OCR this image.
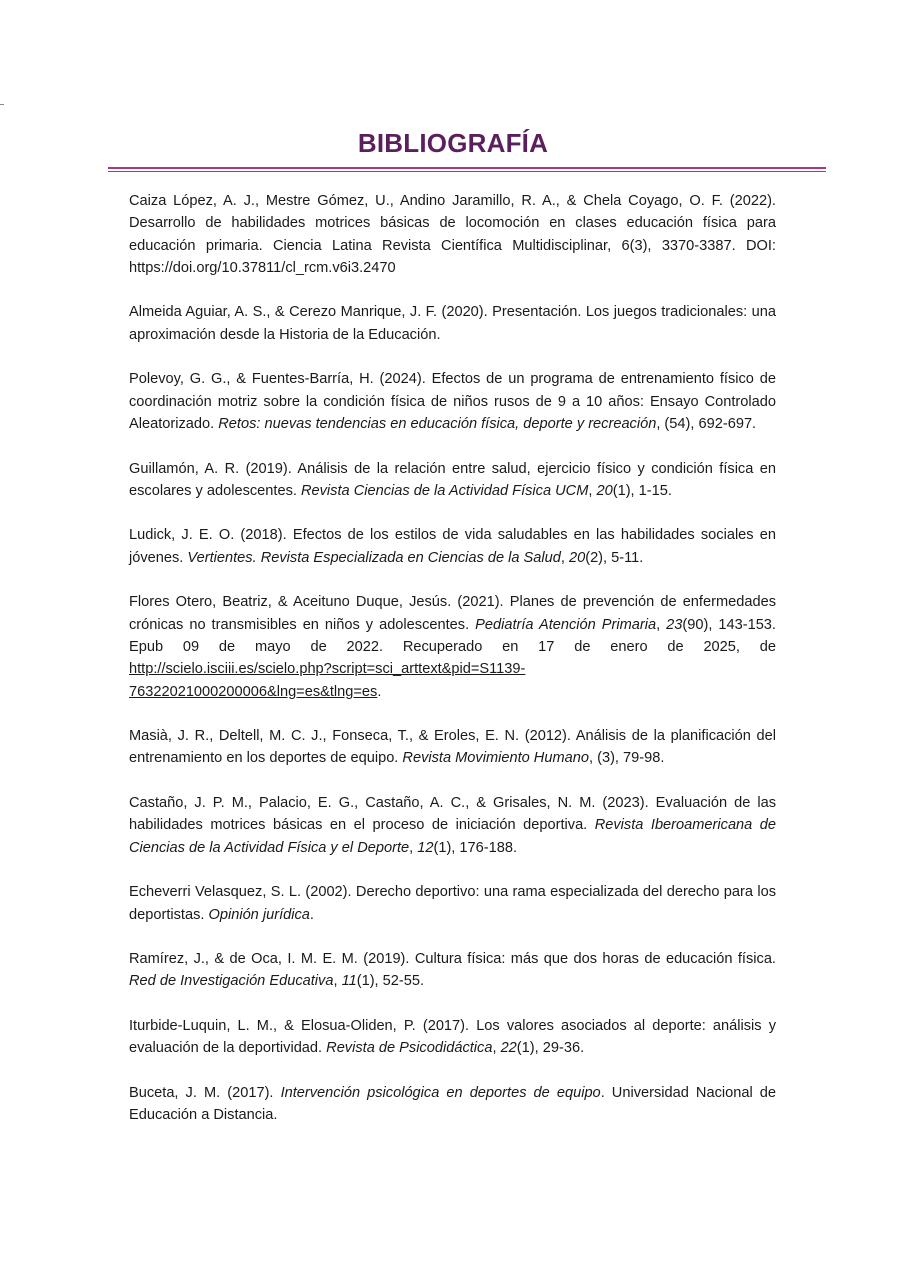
BIBLIOGRAFÍA

Caiza López, A. J., Mestre Gómez, U., Andino Jaramillo, R. A., & Chela Coyago, O. F. (2022). Desarrollo de habilidades motrices básicas de locomoción en clases educación física para educación primaria. Ciencia Latina Revista Científica Multidisciplinar, 6(3), 3370-3387. DOI: https://doi.org/10.37811/cl_rcm.v6i3.2470

Almeida Aguiar, A. S., & Cerezo Manrique, J. F. (2020). Presentación. Los juegos tradicionales: una aproximación desde la Historia de la Educación.

Polevoy, G. G., & Fuentes-Barría, H. (2024). Efectos de un programa de entrenamiento físico de coordinación motriz sobre la condición física de niños rusos de 9 a 10 años: Ensayo Controlado Aleatorizado. Retos: nuevas tendencias en educación física, deporte y recreación, (54), 692-697.

Guillamón, A. R. (2019). Análisis de la relación entre salud, ejercicio físico y condición física en escolares y adolescentes. Revista Ciencias de la Actividad Física UCM, 20(1), 1-15.

Ludick, J. E. O. (2018). Efectos de los estilos de vida saludables en las habilidades sociales en jóvenes. Vertientes. Revista Especializada en Ciencias de la Salud, 20(2), 5-11.

Flores Otero, Beatriz, & Aceituno Duque, Jesús. (2021). Planes de prevención de enfermedades crónicas no transmisibles en niños y adolescentes. Pediatría Atención Primaria, 23(90), 143-153. Epub 09 de mayo de 2022. Recuperado en 17 de enero de 2025, de http://scielo.isciii.es/scielo.php?script=sci_arttext&pid=S1139-76322021000200006&lng=es&tlng=es.

Masià, J. R., Deltell, M. C. J., Fonseca, T., & Eroles, E. N. (2012). Análisis de la planificación del entrenamiento en los deportes de equipo. Revista Movimiento Humano, (3), 79-98.

Castaño, J. P. M., Palacio, E. G., Castaño, A. C., & Grisales, N. M. (2023). Evaluación de las habilidades motrices básicas en el proceso de iniciación deportiva. Revista Iberoamericana de Ciencias de la Actividad Física y el Deporte, 12(1), 176-188.

Echeverri Velasquez, S. L. (2002). Derecho deportivo: una rama especializada del derecho para los deportistas. Opinión jurídica.

Ramírez, J., & de Oca, I. M. E. M. (2019). Cultura física: más que dos horas de educación física. Red de Investigación Educativa, 11(1), 52-55.

Iturbide-Luquin, L. M., & Elosua-Oliden, P. (2017). Los valores asociados al deporte: análisis y evaluación de la deportividad. Revista de Psicodidáctica, 22(1), 29-36.

Buceta, J. M. (2017). Intervención psicológica en deportes de equipo. Universidad Nacional de Educación a Distancia.
